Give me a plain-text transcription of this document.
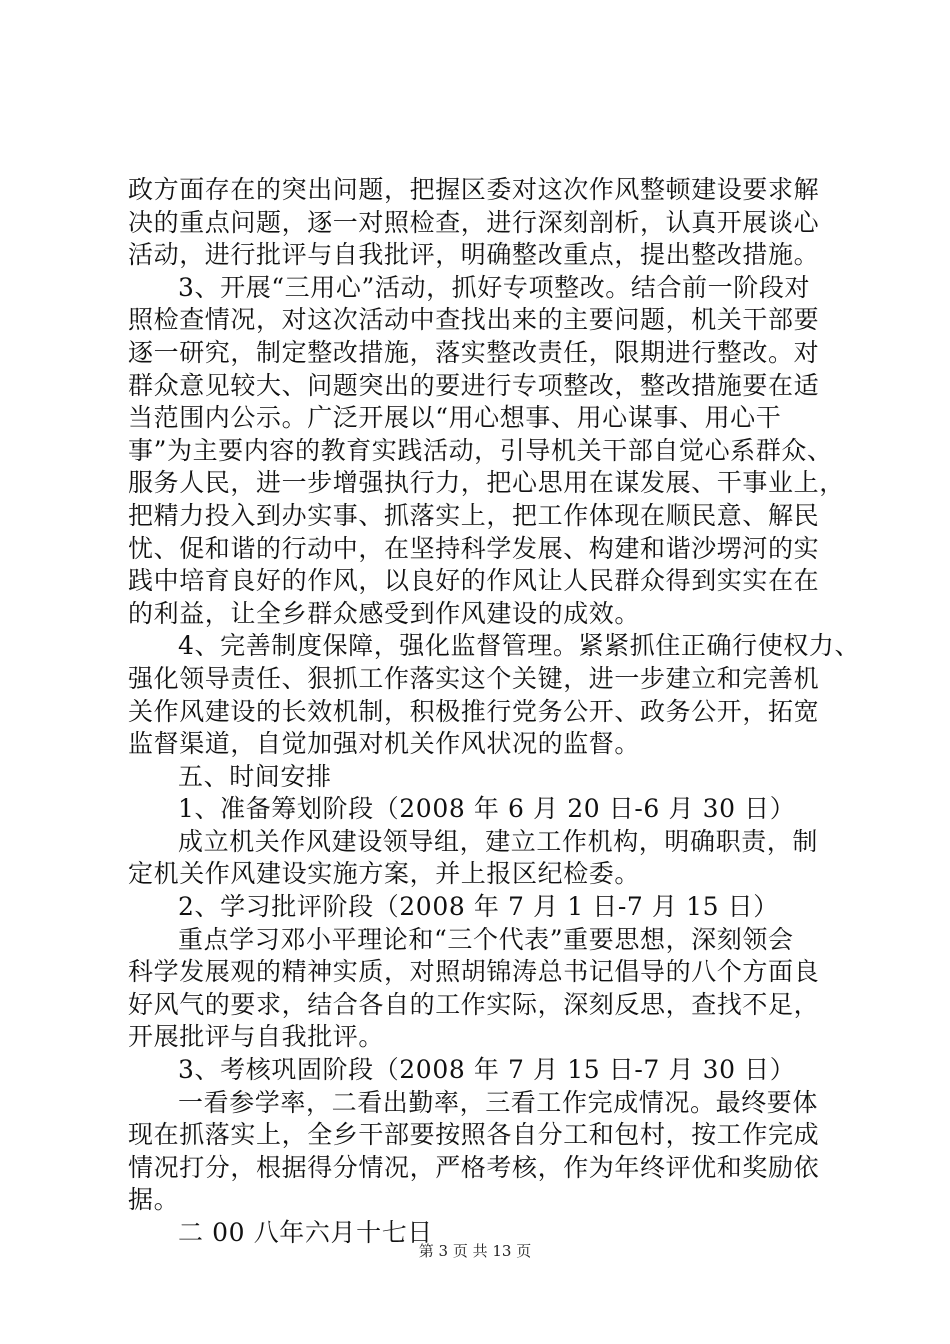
政方面存在的突出问题，把握区委对这次作风整顿建设要求解
决的重点问题，逐一对照检查，进行深刻剖析，认真开展谈心
活动，进行批评与自我批评，明确整改重点，提出整改措施。
3、开展“三用心”活动，抓好专项整改。结合前一阶段对
照检查情况，对这次活动中查找出来的主要问题，机关干部要
逐一研究，制定整改措施，落实整改责任，限期进行整改。对
群众意见较大、问题突出的要进行专项整改，整改措施要在适
当范围内公示。广泛开展以“用心想事、用心谋事、用心干
事”为主要内容的教育实践活动，引导机关干部自觉心系群众、
服务人民，进一步增强执行力，把心思用在谋发展、干事业上，
把精力投入到办实事、抓落实上，把工作体现在顺民意、解民
忧、促和谐的行动中，在坚持科学发展、构建和谐沙塄河的实
践中培育良好的作风，以良好的作风让人民群众得到实实在在
的利益，让全乡群众感受到作风建设的成效。
4、完善制度保障，强化监督管理。紧紧抓住正确行使权力、
强化领导责任、狠抓工作落实这个关键，进一步建立和完善机
关作风建设的长效机制，积极推行党务公开、政务公开，拓宽
监督渠道，自觉加强对机关作风状况的监督。
五、时间安排
1、准备筹划阶段（2008 年 6 月 20 日-6 月 30 日）
成立机关作风建设领导组，建立工作机构，明确职责，制
定机关作风建设实施方案，并上报区纪检委。
2、学习批评阶段（2008 年 7 月 1 日-7 月 15 日）
重点学习邓小平理论和“三个代表”重要思想，深刻领会
科学发展观的精神实质，对照胡锦涛总书记倡导的八个方面良
好风气的要求，结合各自的工作实际，深刻反思，查找不足，
开展批评与自我批评。
3、考核巩固阶段（2008 年 7 月 15 日-7 月 30 日）
一看参学率，二看出勤率，三看工作完成情况。最终要体
现在抓落实上，全乡干部要按照各自分工和包村，按工作完成
情况打分，根据得分情况，严格考核，作为年终评优和奖励依
据。
二 00 八年六月十七日
第 3 页 共 13 页
